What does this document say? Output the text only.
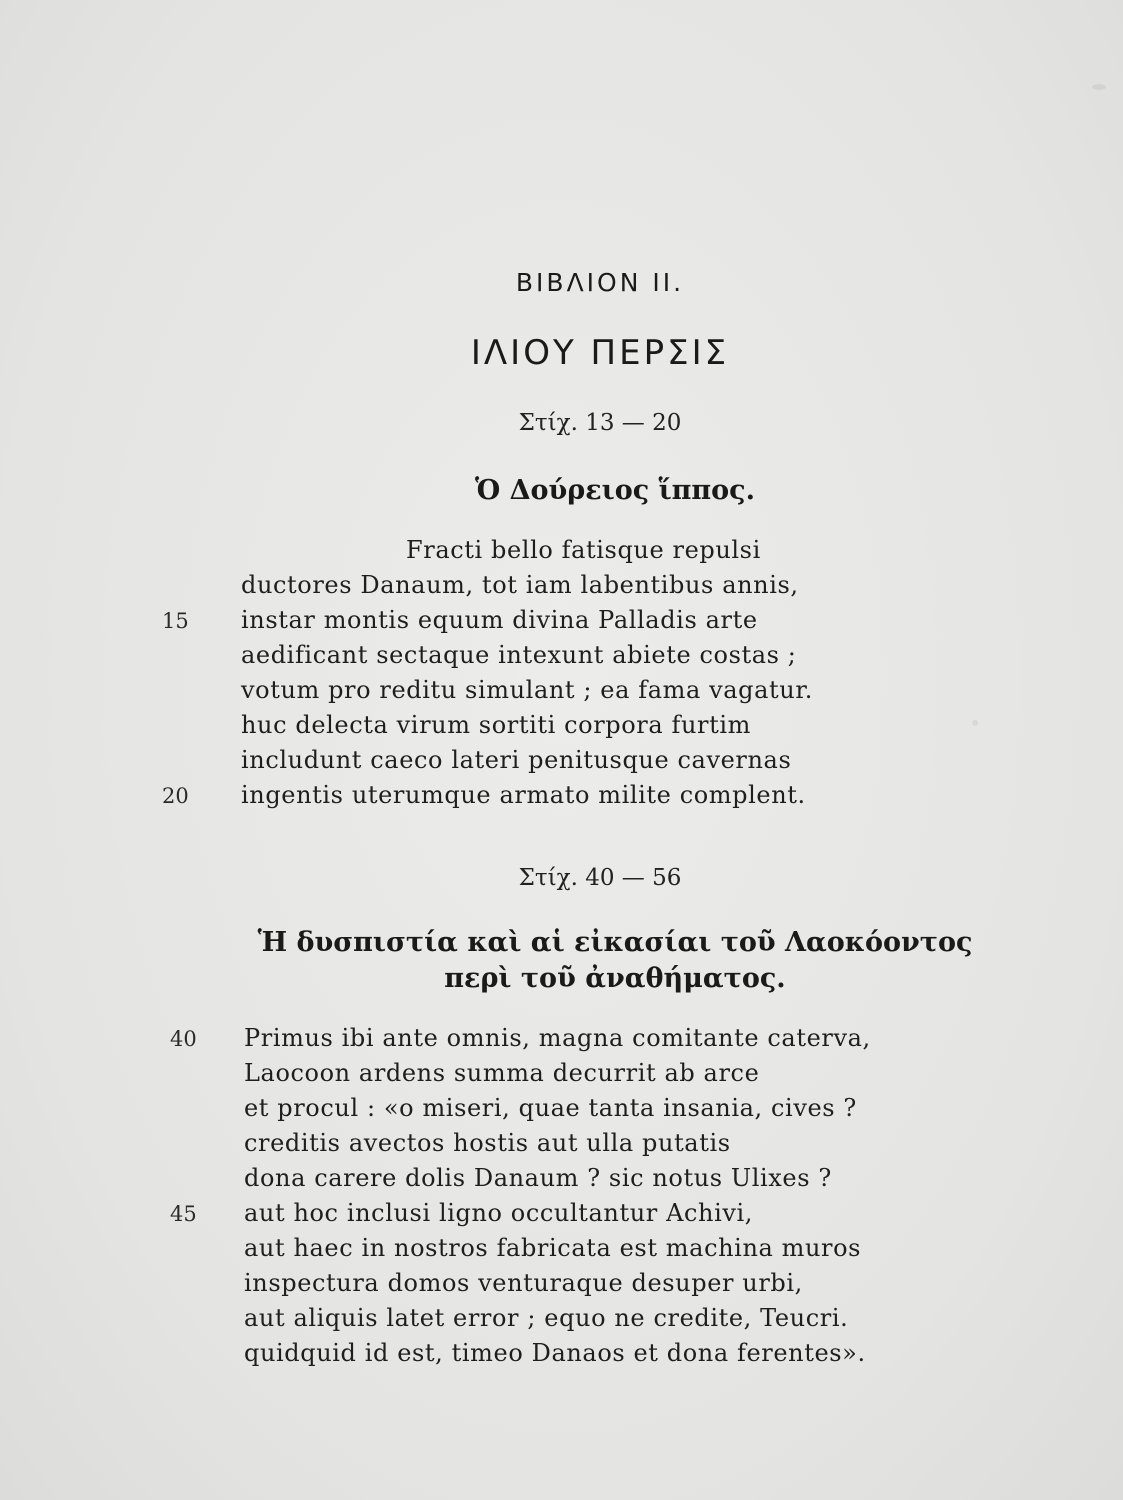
ΒΙΒΛΙΟΝ II.
ΙΛΙΟΥ ΠΕΡΣΙΣ
Στίχ. 13 — 20
Ὁ Δούρειος ἵππος.
Fracti bello fatisque repulsi
ductores Danaum, tot iam labentibus annis,
15 instar montis equum divina Palladis arte
aedificant sectaque intexunt abiete costas ;
votum pro reditu simulant ; ea fama vagatur.
huc delecta virum sortiti corpora furtim
includunt caeco lateri penitusque cavernas
20 ingentis uterumque armato milite complent.
Στίχ. 40 — 56
Ἡ δυσπιστία καὶ αἱ εἰκασίαι τοῦ Λαοκόοντος
περὶ τοῦ ἀναθήματος.
40 Primus ibi ante omnis, magna comitante caterva,
Laocoon ardens summa decurrit ab arce
et procul : «o miseri, quae tanta insania, cives ?
creditis avectos hostis aut ulla putatis
dona carere dolis Danaum ? sic notus Ulixes ?
45 aut hoc inclusi ligno occultantur Achivi,
aut haec in nostros fabricata est machina muros
inspectura domos venturaque desuper urbi,
aut aliquis latet error ; equo ne credite, Teucri.
quidquid id est, timeo Danaos et dona ferentes».
